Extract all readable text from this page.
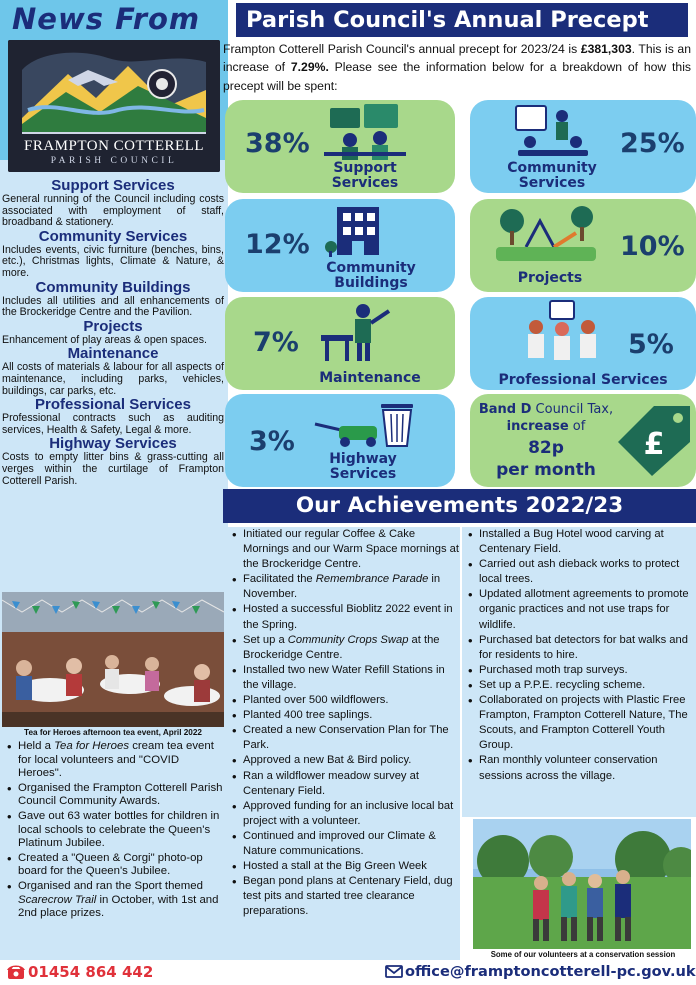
News From
FRAMPTON COTTERELL
PARISH COUNCIL
Support Services

General running of the Council including costs associated with employment of staff, broadband & stationery.

Community Services

Includes events, civic furniture (benches, bins, etc.), Christmas lights, Climate & Nature, & more.

Community Buildings

Includes all utilities and all enhancements of the Brockeridge Centre and the Pavilion.

Projects

Enhancement of play areas & open spaces.

Maintenance

All costs of materials & labour for all aspects of maintenance, including parks, vehicles, buildings, car parks, etc.

Professional Services

Professional contracts such as auditing services, Health & Safety, Legal & more.

Highway Services

Costs to empty litter bins & grass-cutting all verges within the curtilage of Frampton Cotterell Parish.

Tea for Heroes afternoon tea event, April 2022
• Held a Tea for Heroes cream tea event for local volunteers and "COVID Heroes".
• Organised the Frampton Cotterell Parish Council Community Awards.
• Gave out 63 water bottles for children in local schools to celebrate the Queen's Platinum Jubilee.
• Created a "Queen & Corgi" photo-op board for the Queen's Jubilee.
• Organised and ran the Sport themed Scarecrow Trail in October, with 1st and 2nd place prizes.
Parish Council's Annual Precept

Frampton Cotterell Parish Council's annual precept for 2023/24 is £381,303. This is an increase of 7.29%. Please see the information below for a breakdown of how this precept will be spent:

38%
Support
Services
25%
Community
Services
12%
Community
Buildings
10%
Projects
7%
Maintenance
5%
Professional Services
3%
Highway
Services
Band D Council Tax,
increase of
82p
per month
£
Our Achievements 2022/23
• Initiated our regular Coffee & Cake Mornings and our Warm Space mornings at the Brockeridge Centre.
• Facilitated the Remembrance Parade in November.
• Hosted a successful Bioblitz 2022 event in the Spring.
• Set up a Community Crops Swap at the Brockeridge Centre.
• Installed two new Water Refill Stations in the village.
• Planted over 500 wildflowers.
• Planted 400 tree saplings.
• Created a new Conservation Plan for The Park.
• Approved a new Bat & Bird policy.
• Ran a wildflower meadow survey at Centenary Field.
• Approved funding for an inclusive local bat project with a volunteer.
• Continued and improved our Climate & Nature communications.
• Hosted a stall at the Big Green Week
• Began pond plans at Centenary Field, dug test pits and started tree clearance preparations.
• Installed a Bug Hotel wood carving at Centenary Field.
• Carried out ash dieback works to protect local trees.
• Updated allotment agreements to promote organic practices and not use traps for wildlife.
• Purchased bat detectors for bat walks and for residents to hire.
• Purchased moth trap surveys.
• Set up a P.P.E. recycling scheme.
• Collaborated on projects with Plastic Free Frampton, Frampton Cotterell Nature, The Scouts, and Frampton Cotterell Youth Group.
• Ran monthly volunteer conservation sessions across the village.
Some of our volunteers at a conservation session
01454 864 442	office@framptoncotterell-pc.gov.uk
